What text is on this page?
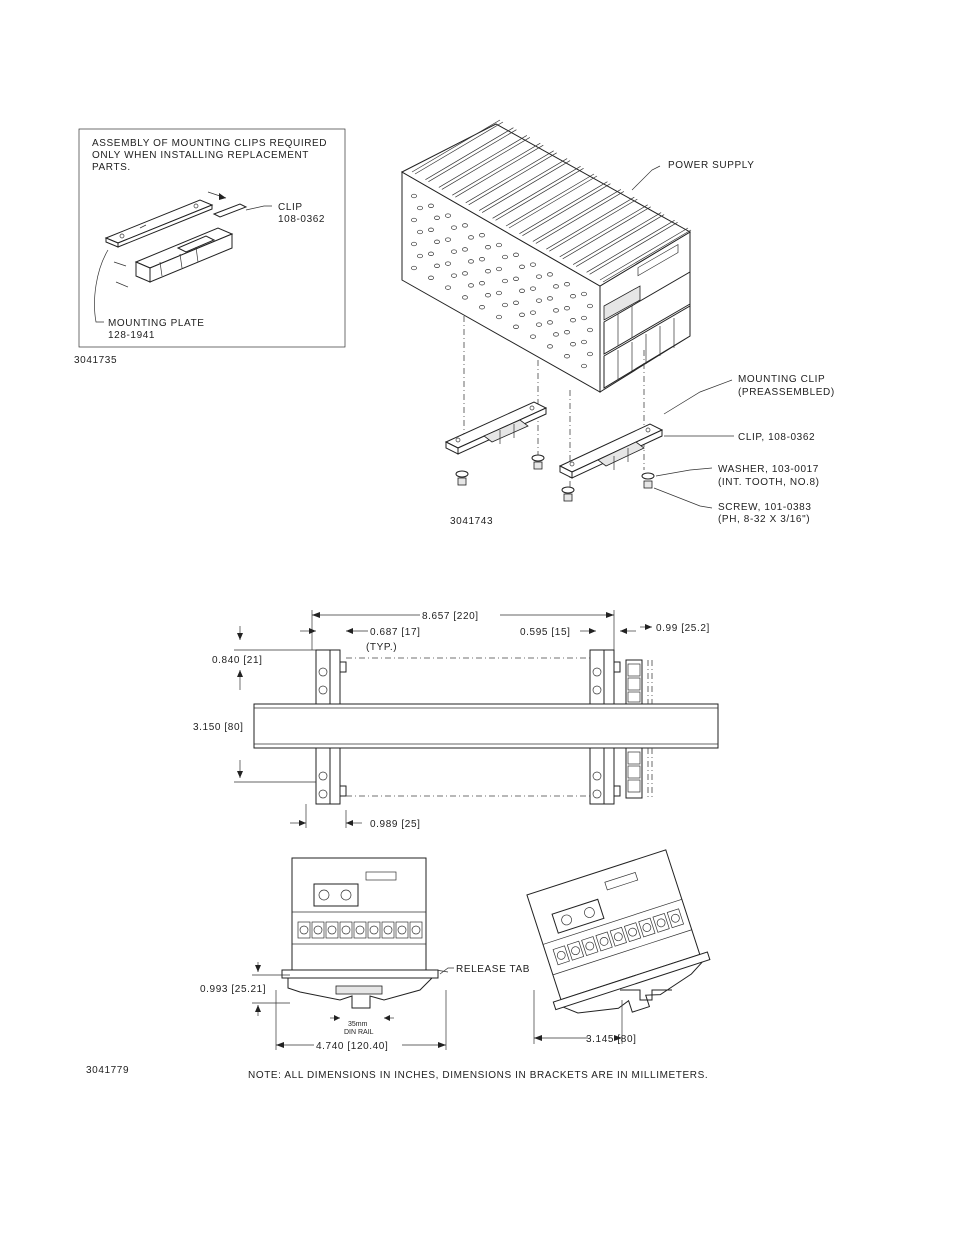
ASSEMBLY OF MOUNTING CLIPS REQUIRED
ONLY WHEN INSTALLING REPLACEMENT
PARTS.
CLIP
108-0362
MOUNTING PLATE
128-1941
3041735
POWER SUPPLY
MOUNTING CLIP
(PREASSEMBLED)
CLIP, 108-0362
WASHER, 103-0017
(INT. TOOTH, NO.8)
SCREW, 101-0383
(PH, 8-32 X 3/16")
3041743
8.657 [220]
0.687 [17]
(TYP.)
0.595 [15]	0.99 [25.2]
0.840 [21]
3.150 [80]
0.989 [25]
0.993 [25.21]
RELEASE TAB
35mm
DIN RAIL
4.740 [120.40]
3.145 [80]
3041779	NOTE: ALL DIMENSIONS IN INCHES, DIMENSIONS IN BRACKETS ARE IN MILLIMETERS.
